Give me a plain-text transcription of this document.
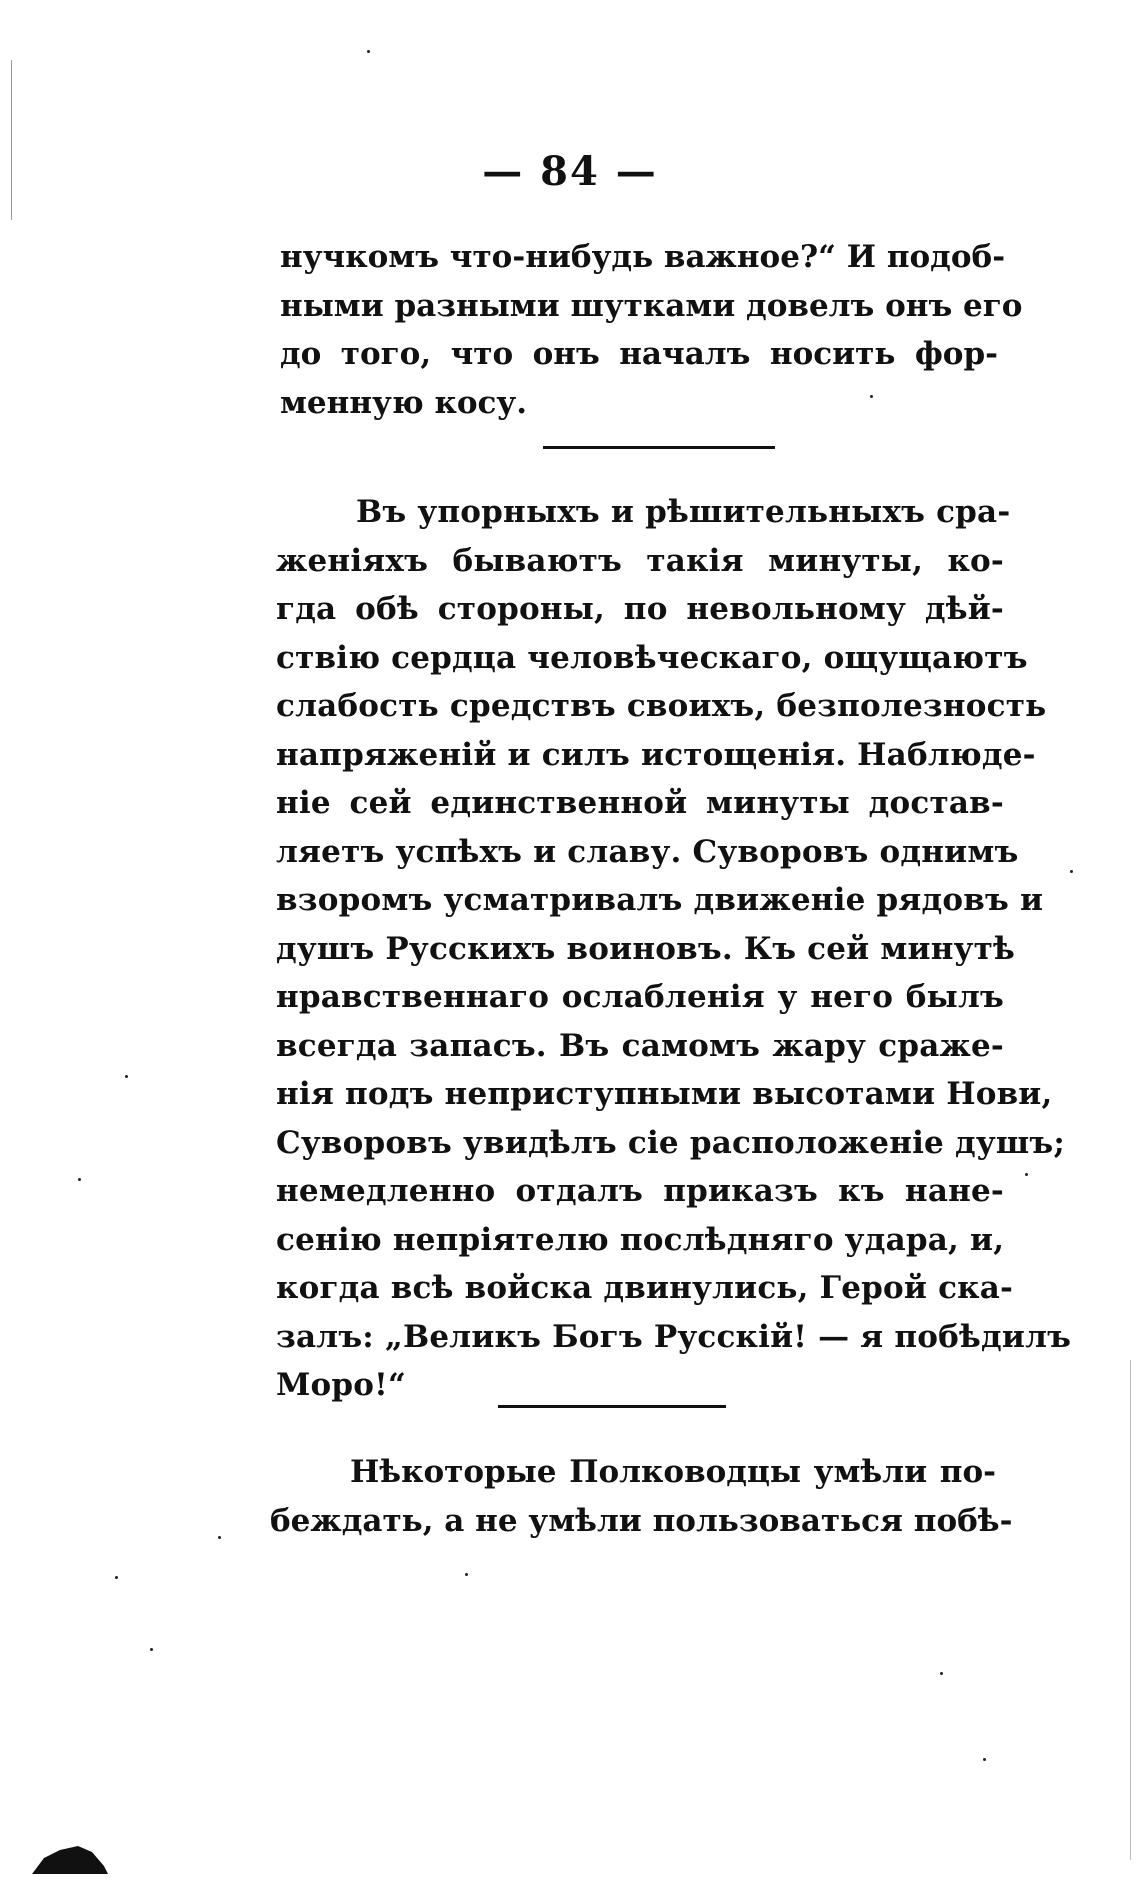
— 84 —
нучкомъ что-нибудь важное?“ И подоб-
ными разными шутками довелъ онъ его
до того, что онъ началъ носить фор-
менную косу.
Въ упорныхъ и рѣшительныхъ сра-
женіяхъ бываютъ такія минуты, ко-
гда обѣ стороны, по невольному дѣй-
ствію сердца человѣческаго, ощущаютъ
слабость средствъ своихъ, безполезность
напряженій и силъ истощенія. Наблюде-
ніе сей единственной минуты достав-
ляетъ успѣхъ и славу. Суворовъ однимъ
взоромъ усматривалъ движеніе рядовъ и
душъ Русскихъ воиновъ. Къ сей минутѣ
нравственнаго ослабленія у него былъ
всегда запасъ. Въ самомъ жару сраже-
нія подъ неприступными высотами Нови,
Суворовъ увидѣлъ сіе расположеніе душъ;
немедленно отдалъ приказъ къ нане-
сенію непріятелю послѣдняго удара, и,
когда всѣ войска двинулись, Герой ска-
залъ: „Великъ Богъ Русскій! — я побѣдилъ
Моро!“
Нѣкоторые Полководцы умѣли по-
беждать, а не умѣли пользоваться побѣ-
